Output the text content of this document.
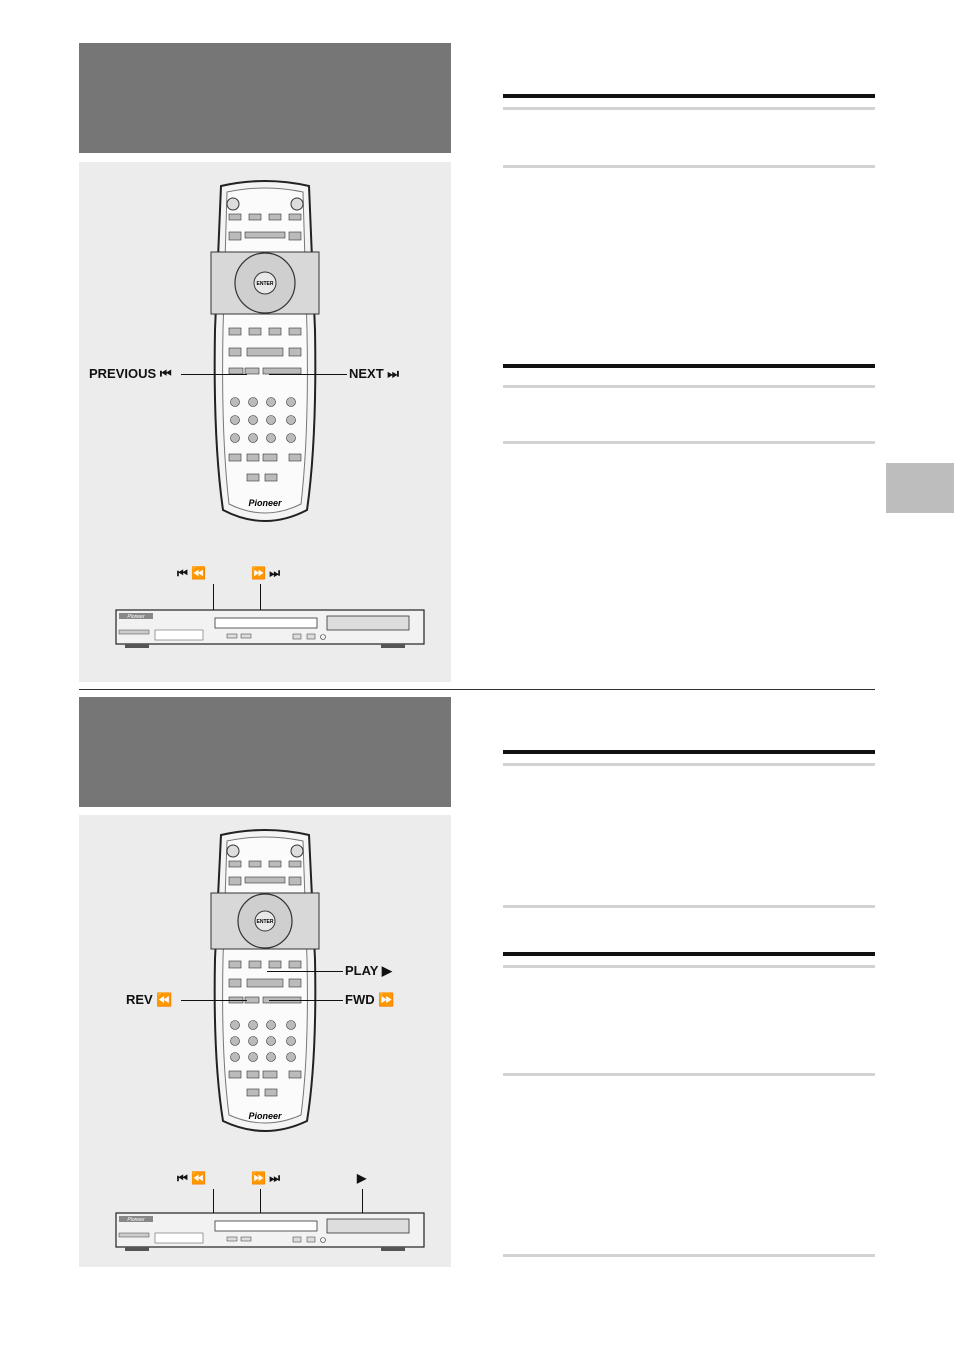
ENTER
Pioneer
PREVIOUS ⏮	NEXT ⏭
⏮ ⏪	⏩ ⏭
Pioneer
ENTER
Pioneer
PLAY ▶
REV ⏪	FWD ⏩
⏮ ⏪	⏩ ⏭	▶
Pioneer
